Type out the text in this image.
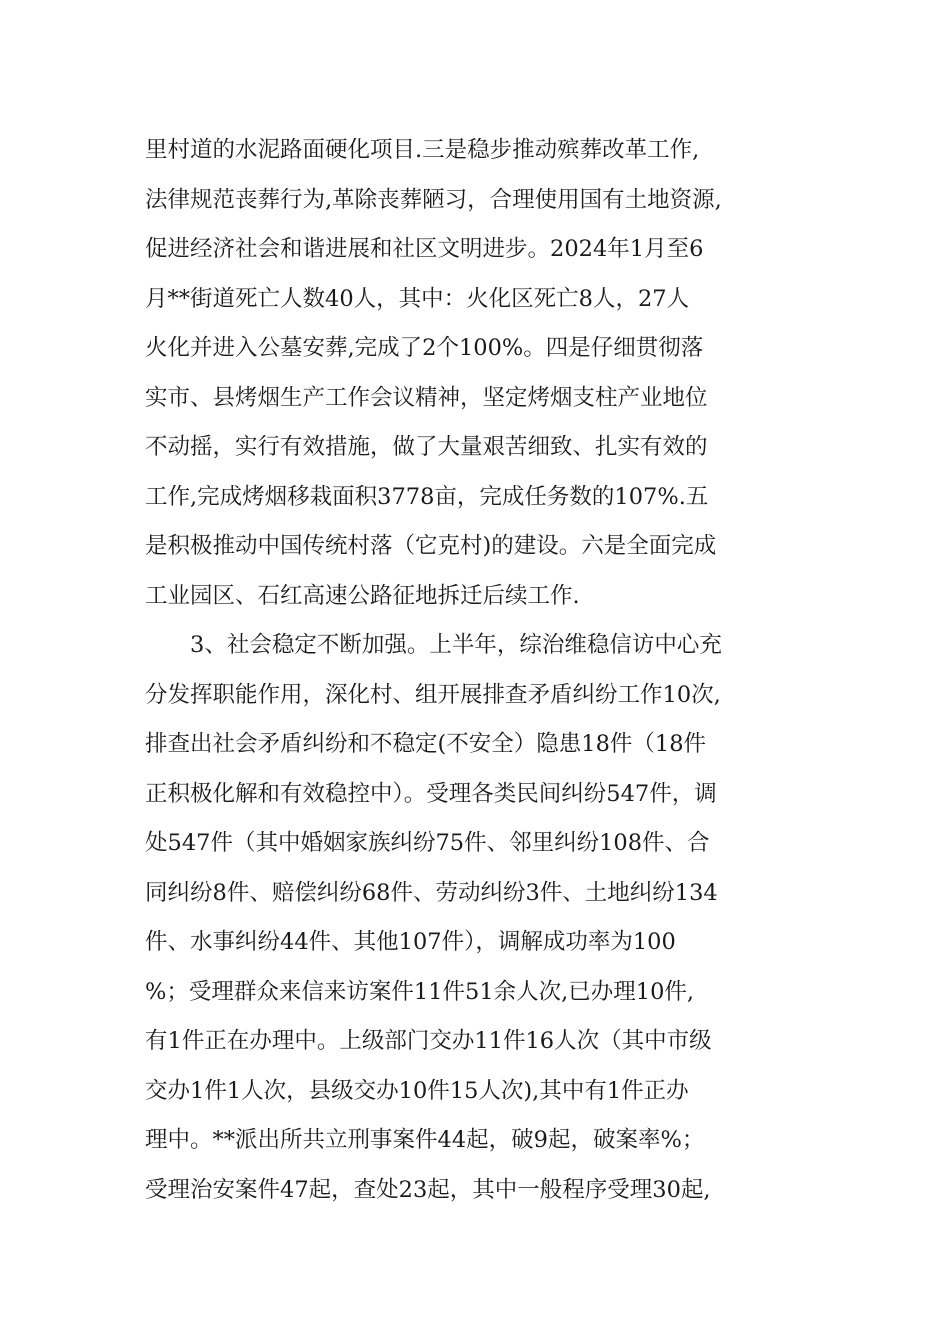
里村道的水泥路面硬化项目.三是稳步推动殡葬改革工作,
法律规范丧葬行为,革除丧葬陋习，合理使用国有土地资源,
促进经济社会和谐进展和社区文明进步。2024年1月至6
月**街道死亡人数40人，其中：火化区死亡8人，27人
火化并进入公墓安葬,完成了2个100%。四是仔细贯彻落
实市、县烤烟生产工作会议精神，坚定烤烟支柱产业地位
不动摇，实行有效措施，做了大量艰苦细致、扎实有效的
工作,完成烤烟移栽面积3778亩，完成任务数的107%.五
是积极推动中国传统村落（它克村)的建设。六是全面完成
工业园区、石红高速公路征地拆迁后续工作.
3、社会稳定不断加强。上半年，综治维稳信访中心充
分发挥职能作用，深化村、组开展排查矛盾纠纷工作10次,
排查出社会矛盾纠纷和不稳定(不安全）隐患18件（18件
正积极化解和有效稳控中）。受理各类民间纠纷547件，调
处547件（其中婚姻家族纠纷75件、邻里纠纷108件、合
同纠纷8件、赔偿纠纷68件、劳动纠纷3件、土地纠纷134
件、水事纠纷44件、其他107件），调解成功率为100
%；受理群众来信来访案件11件51余人次,已办理10件,
有1件正在办理中。上级部门交办11件16人次（其中市级
交办1件1人次，县级交办10件15人次),其中有1件正办
理中。**派出所共立刑事案件44起，破9起，破案率%；
受理治安案件47起，查处23起，其中一般程序受理30起,
